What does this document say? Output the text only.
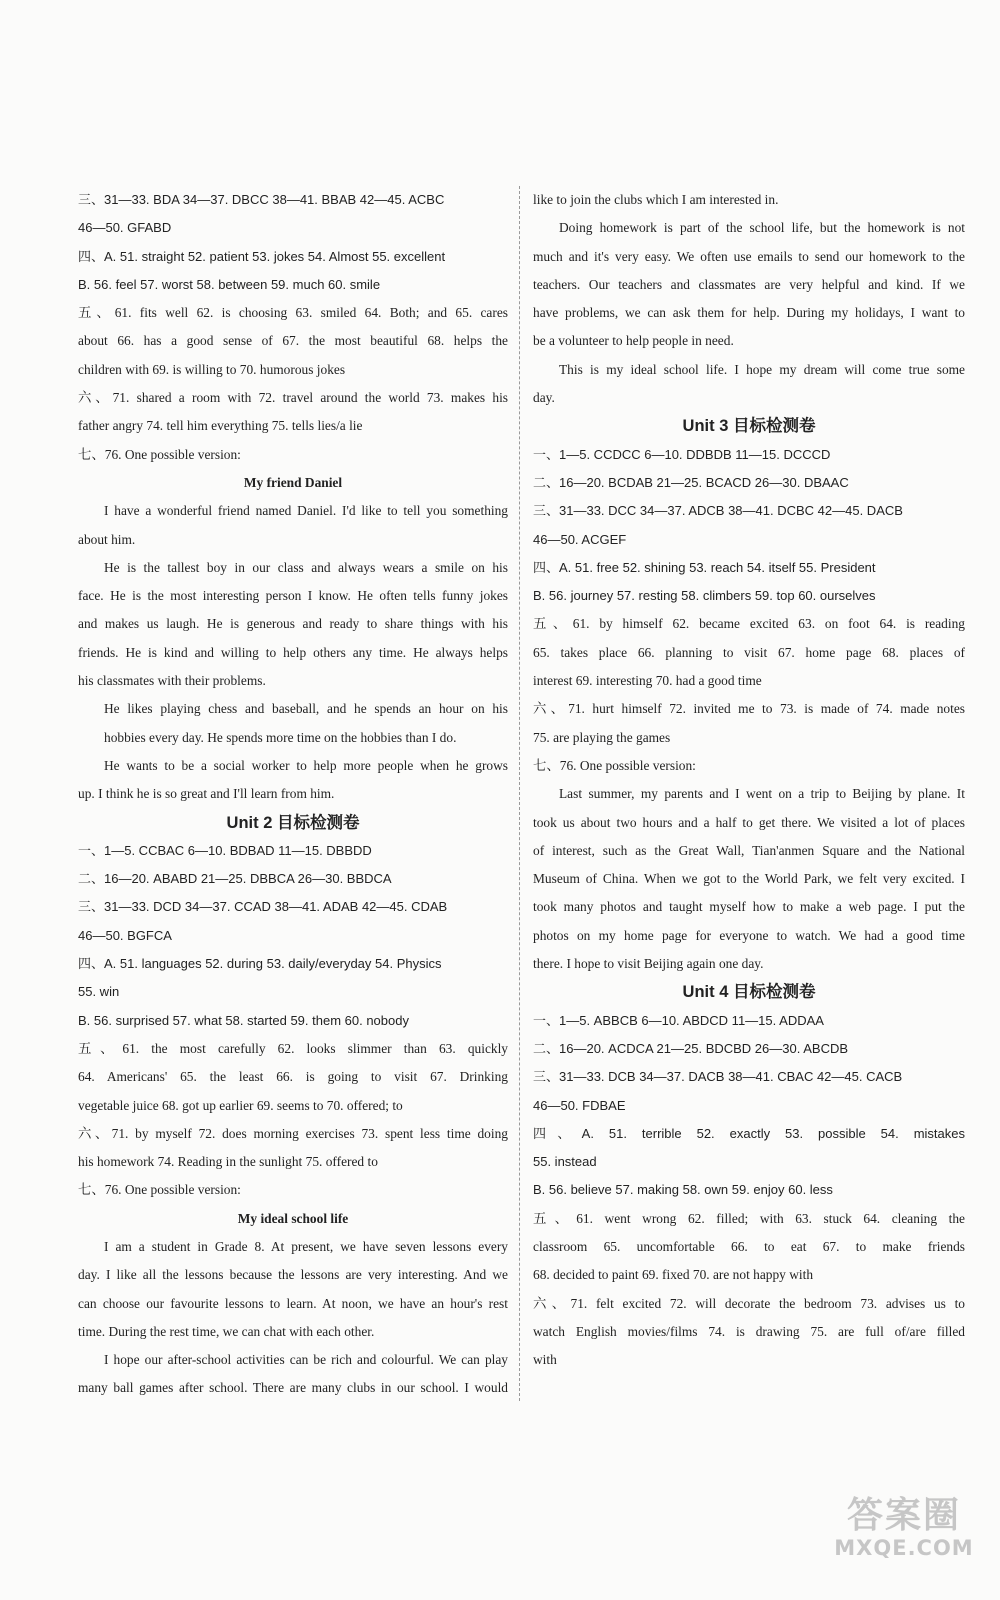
三、31—33. BDA 34—37. DBCC 38—41. BBAB 42—45. ACBC
46—50. GFABD
四、A. 51. straight 52. patient 53. jokes 54. Almost 55. excellent
B. 56. feel 57. worst 58. between 59. much 60. smile
五、61. fits well 62. is choosing 63. smiled 64. Both; and 65. cares
about 66. has a good sense of 67. the most beautiful 68. helps the
children with 69. is willing to 70. humorous jokes
六、71. shared a room with 72. travel around the world 73. makes his
father angry 74. tell him everything 75. tells lies/a lie
七、76. One possible version:
My friend Daniel
I have a wonderful friend named Daniel. I'd like to tell you something
about him.
He is the tallest boy in our class and always wears a smile on his
face. He is the most interesting person I know. He often tells funny jokes
and makes us laugh. He is generous and ready to share things with his
friends. He is kind and willing to help others any time. He always helps
his classmates with their problems.
He likes playing chess and baseball, and he spends an hour on his
hobbies every day. He spends more time on the hobbies than I do.
He wants to be a social worker to help more people when he grows
up. I think he is so great and I'll learn from him.
Unit 2 目标检测卷
一、1—5. CCBAC 6—10. BDBAD 11—15. DBBDD
二、16—20. ABABD 21—25. DBBCA 26—30. BBDCA
三、31—33. DCD 34—37. CCAD 38—41. ADAB 42—45. CDAB
46—50. BGFCA
四、A. 51. languages 52. during 53. daily/everyday 54. Physics
55. win
B. 56. surprised 57. what 58. started 59. them 60. nobody
五、61. the most carefully 62. looks slimmer than 63. quickly
64. Americans' 65. the least 66. is going to visit 67. Drinking
vegetable juice 68. got up earlier 69. seems to 70. offered; to
六、71. by myself 72. does morning exercises 73. spent less time doing
his homework 74. Reading in the sunlight 75. offered to
七、76. One possible version:
My ideal school life
I am a student in Grade 8. At present, we have seven lessons every
day. I like all the lessons because the lessons are very interesting. And we
can choose our favourite lessons to learn. At noon, we have an hour's rest
time. During the rest time, we can chat with each other.
I hope our after-school activities can be rich and colourful. We can play
many ball games after school. There are many clubs in our school. I would
like to join the clubs which I am interested in.
Doing homework is part of the school life, but the homework is not
much and it's very easy. We often use emails to send our homework to the
teachers. Our teachers and classmates are very helpful and kind. If we
have problems, we can ask them for help. During my holidays, I want to
be a volunteer to help people in need.
This is my ideal school life. I hope my dream will come true some
day.
Unit 3 目标检测卷
一、1—5. CCDCC 6—10. DDBDB 11—15. DCCCD
二、16—20. BCDAB 21—25. BCACD 26—30. DBAAC
三、31—33. DCC 34—37. ADCB 38—41. DCBC 42—45. DACB
46—50. ACGEF
四、A. 51. free 52. shining 53. reach 54. itself 55. President
B. 56. journey 57. resting 58. climbers 59. top 60. ourselves
五、61. by himself 62. became excited 63. on foot 64. is reading
65. takes place 66. planning to visit 67. home page 68. places of
interest 69. interesting 70. had a good time
六、71. hurt himself 72. invited me to 73. is made of 74. made notes
75. are playing the games
七、76. One possible version:
Last summer, my parents and I went on a trip to Beijing by plane. It
took us about two hours and a half to get there. We visited a lot of places
of interest, such as the Great Wall, Tian'anmen Square and the National
Museum of China. When we got to the World Park, we felt very excited. I
took many photos and taught myself how to make a web page. I put the
photos on my home page for everyone to watch. We had a good time
there. I hope to visit Beijing again one day.
Unit 4 目标检测卷
一、1—5. ABBCB 6—10. ABDCD 11—15. ADDAA
二、16—20. ACDCA 21—25. BDCBD 26—30. ABCDB
三、31—33. DCB 34—37. DACB 38—41. CBAC 42—45. CACB
46—50. FDBAE
四、A. 51. terrible 52. exactly 53. possible 54. mistakes
55. instead
B. 56. believe 57. making 58. own 59. enjoy 60. less
五、61. went wrong 62. filled; with 63. stuck 64. cleaning the
classroom 65. uncomfortable 66. to eat 67. to make friends
68. decided to paint 69. fixed 70. are not happy with
六、71. felt excited 72. will decorate the bedroom 73. advises us to
watch English movies/films 74. is drawing 75. are full of/are filled
with
答案圈
MXQE.COM
